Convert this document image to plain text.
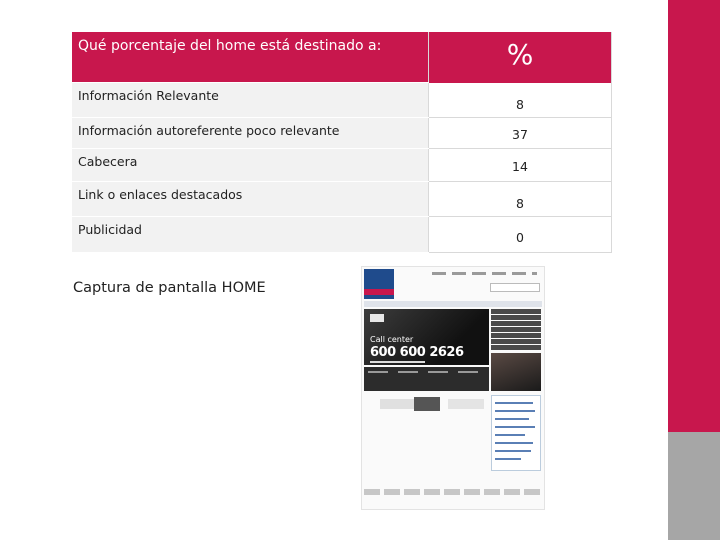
Qué porcentaje del home está destinado a:		%

Información Relevante		8

Información autoreferente poco relevante		37

Cabecera		14

Link o enlaces destacados		8

Publicidad		0
Captura de pantalla HOME
Call center
600 600 2626
